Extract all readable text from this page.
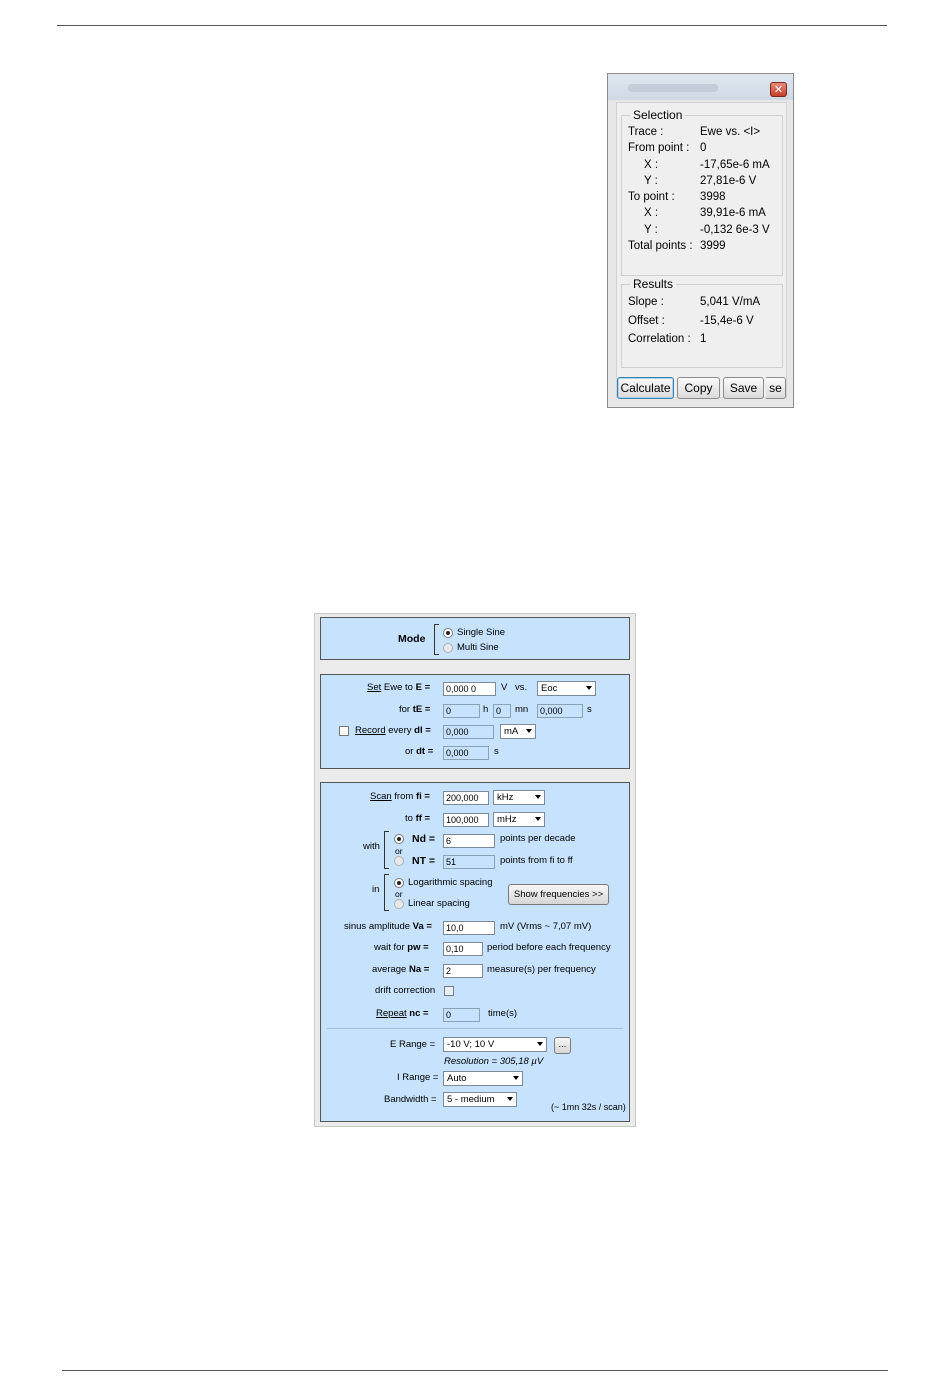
✕
Selection
Trace :	Ewe vs. <I>
From point : 0
X :	-17,65e-6 mA
Y :	27,81e-6 V
To point : 3998
X :	39,91e-6 mA
Y :	-0,132 6e-3 V
Total points : 3999
Results
Slope :	5,041 V/mA
Offset :	-15,4e-6 V
Correlation : 1
Calculate	Copy	Save se
Mode
Single Sine
Multi Sine
Set Ewe to E =	0,000 0	V vs.	Eoc
for tE =	0	h 0	mn	0,000	s
Record every dI =	0,000	mA
or dt =	0,000	s
Scan from fi =	200,000	kHz
to ff =	100,000	mHz
with
Nd =	6	points per decade
or
NT =	51	points from fi to ff
in
Logarithmic spacing
or
Linear spacing
Show frequencies >>
sinus amplitude Va =	10,0	mV (Vrms ~ 7,07 mV)
wait for pw =	0,10	period before each frequency
average Na =	2	measure(s) per frequency
drift correction
Repeat nc =	0	time(s)
E Range =	-10 V; 10 V	...
Resolution = 305,18 µV
I Range = Auto
Bandwidth =	5 - medium
(~ 1mn 32s / scan)
